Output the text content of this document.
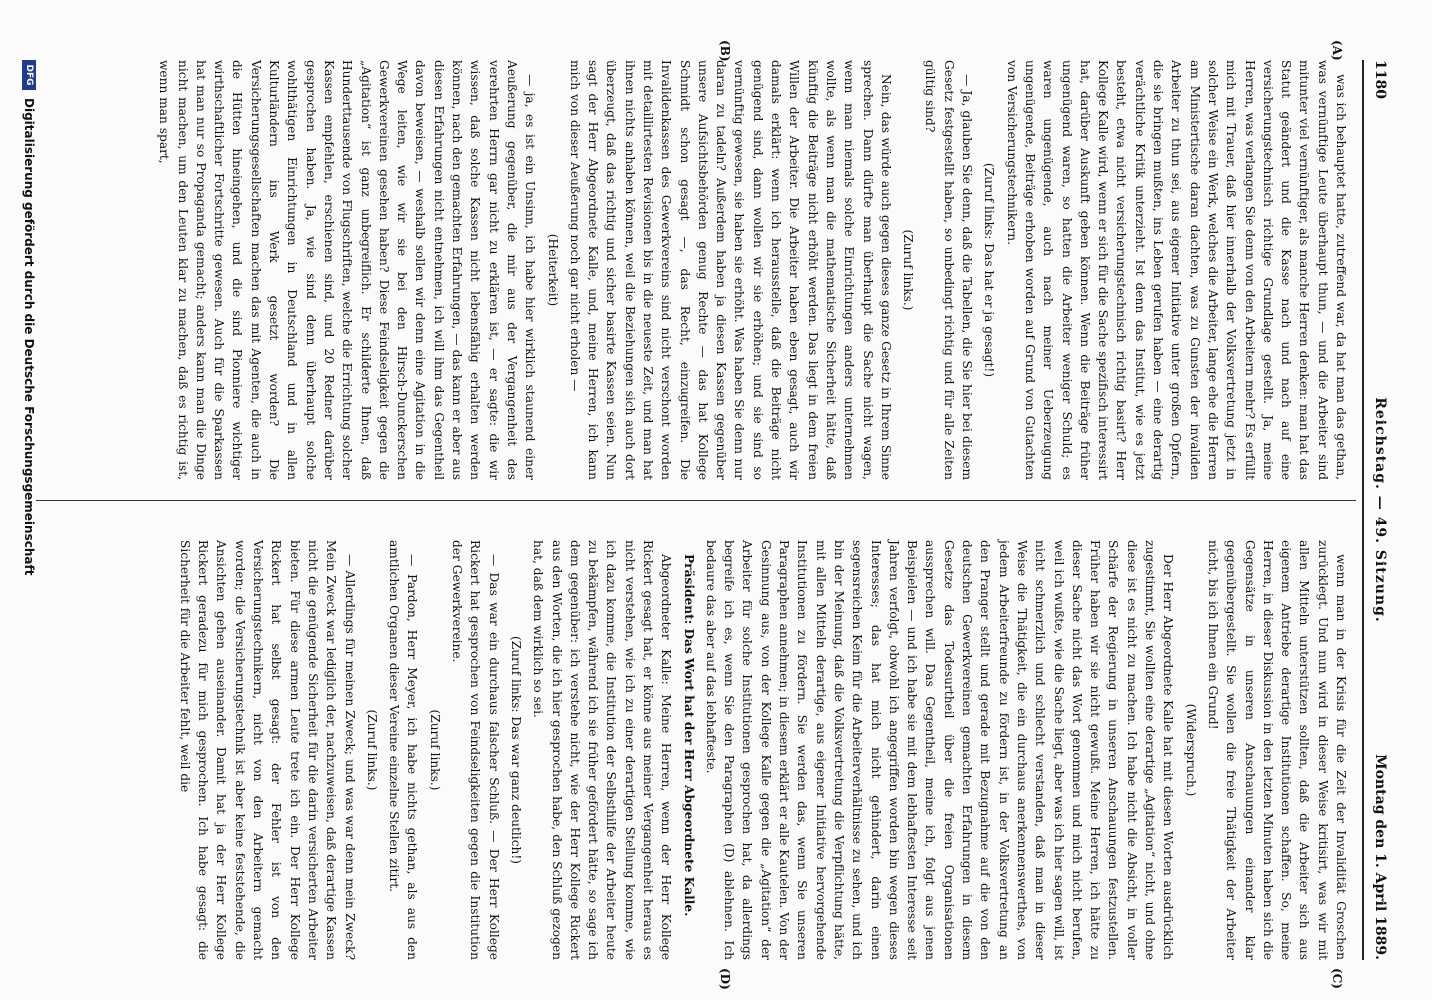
1180
Reichstag. — 49. Sitzung.
Montag den 1. April 1889.
(A)
(B)
(C)
(D)

was ich behauptet hatte, zutreffend war, da hat man das gethan, was vernünftige Leute überhaupt thun, — und die Arbeiter sind mitunter viel vernünftiger, als manche Herren denken: man hat das Statut geändert und die Kasse nach und nach auf eine versicherungstechnisch richtige Grundlage gestellt. Ja, meine Herren, was verlangen Sie denn von den Arbeitern mehr? Es erfüllt mich mit Trauer, daß hier innerhalb der Volksvertretung jetzt in solcher Weise ein Werk, welches die Arbeiter, lange ehe die Herren am Ministertische daran dachten, was zu Gunsten der invaliden Arbeiter zu thun sei, aus eigener Initiative unter großen Opfern, die sie bringen mußten, ins Leben gerufen haben — eine derartig verächtliche Kritik unterzieht. Ist denn das Institut, wie es jetzt besteht, etwa nicht versicherungstechnisch richtig basirt? Herr Kollege Kalle wird, wenn er sich für die Sache spezifisch interessirt hat, darüber Auskunft geben können. Wenn die Beiträge früher ungenügend waren, so hatten die Arbeiter weniger Schuld; es waren ungenügende, auch nach meiner Ueberzeugung ungenügende, Beiträge erhoben worden auf Grund von Gutachten von Versicherungstechnikern.

(Zuruf links: Das hat er ja gesagt!)

— Ja, glauben Sie denn, daß die Tabellen, die Sie hier bei diesem Gesetz festgestellt haben, so unbedingt richtig und für alle Zeiten gültig sind?

(Zuruf links.)

Nein, das würde auch gegen dieses ganze Gesetz in Ihrem Sinne sprechen. Dann dürfte man überhaupt die Sache nicht wagen, wenn man niemals solche Einrichtungen anders unternehmen wollte, als wenn man die mathematische Sicherheit hätte, daß künftig die Beiträge nicht erhöht werden. Das liegt in dem freien Willen der Arbeiter. Die Arbeiter haben eben gesagt, auch wir damals erklärt: wenn ich herausstelle, daß die Beiträge nicht genügend sind, dann wollen wir sie erhöhen; und sie sind so vernünftig gewesen, sie haben sie erhöht. Was haben Sie denn nur daran zu tadeln? Außerdem haben ja diesen Kassen gegenüber unsere Aufsichtsbehörden genug Rechte — das hat Kollege Schmidt schon gesagt —, das Recht, einzugreifen. Die Invalidenkassen des Gewerkvereins sind nicht verschont worden mit detaillirtesten Revisionen bis in die neueste Zeit, und man hat ihnen nichts anhaben können, weil die Beziehungen sich auch dort überzeugt, daß das richtig und sicher basirte Kassen seien. Nun sagt der Herr Abgeordnete Kalle, und, meine Herren, ich kann mich von dieser Aeußerung noch gar nicht erholen —

(Heiterkeit)

— ja, es ist ein Unsinn, ich habe hier wirklich staunend einer Aeußerung gegenüber, die mir aus der Vergangenheit des verehrten Herrn gar nicht zu erklären ist, — er sagte: die wir wissen, daß solche Kassen nicht lebensfähig erhalten werden können, nach den gemachten Erfahrungen, — das kann er aber aus diesen Erfahrungen nicht entnehmen, ich will ihm das Gegentheil davon beweisen, — weshalb sollen wir denn eine Agitation in die Wege leiten, wie wir sie bei den Hirsch-Dunckerschen Gewerkvereinen gesehen haben? Diese Feindseligkeit gegen die „Agitation“ ist ganz unbegreiflich. Er schilderte Ihnen, daß Hunderttausende von Flugschriften, welche die Errichtung solcher Kassen empfehlen, erschienen sind, und 20 Redner darüber gesprochen haben. Ja, wie sind denn überhaupt solche wohlthätigen Einrichtungen in Deutschland und in allen Kulturländern ins Werk gesetzt worden? Die Versicherungsgesellschaften machen das mit Agenten, die auch in die Hütten hineingehen, und die sind Pionniere wichtiger wirthschaftlicher Fortschritte gewesen. Auch für die Sparkassen hat man nur so Propaganda gemacht; anders kann man die Dinge nicht machen, um den Leuten klar zu machen, daß es richtig ist, wenn man spart,

wenn man in der Krisis für die Zeit der Invalidität Groschen zurücklegt. Und nun wird in dieser Weise kritisirt, was wir mit allen Mitteln unterstützen sollten, daß die Arbeiter sich aus eigenem Antriebe derartige Institutionen schaffen. So, meine Herren, in dieser Diskussion in den letzten Minuten haben sich die Gegensätze in unseren Anschauungen einander klar gegenübergestellt. Sie wollen die freie Thätigkeit der Arbeiter nicht, bis ich Ihnen ein Grund!

(Widerspruch.)

Der Herr Abgeordnete Kalle hat mit diesen Worten ausdrücklich zugestimmt, Sie wollten eine derartige „Agitation“ nicht, und ohne diese ist es nicht zu machen. Ich habe nicht die Absicht, in voller Schärfe der Regierung in unseren Anschauungen festzustellen. Früher haben wir sie nicht gewußt. Meine Herren, ich hätte zu dieser Sache nicht das Wort genommen und mich nicht berufen, weil ich wußte, wie die Sache liegt, aber was ich hier sagen will, ist nicht schmerzlich und schlecht verstanden, daß man in dieser Weise die Thätigkeit, die ein durchaus anerkennenswerthes, von jedem Arbeiterfreunde zu fördern ist, in der Volksvertretung an den Pranger stellt und gerade mit Bezugnahme auf die von den deutschen Gewerkvereinen gemachten Erfahrungen in diesem Gesetze das Todesurtheil über die freien Organisationen aussprechen will. Das Gegentheil, meine ich, folgt aus jenen Beispielen — und ich habe sie mit dem lebhaftesten Interesse seit Jahren verfolgt, obwohl ich angegriffen worden bin wegen dieses Interesses; das hat mich nicht gehindert, darin einen segensreichen Keim für die Arbeiterverhältnisse zu sehen, und ich bin der Meinung, daß die Volksvertretung die Verpflichtung hätte, mit allen Mitteln derartige, aus eigener Initiative hervorgehende Institutionen zu fördern. Sie werden das, wenn Sie unseren Paragraphen annehmen; in diesem erklärt er alle Kautelen. Von der Gesinnung aus, von der Kollege Kalle gegen die „Agitation“ der Arbeiter für solche Institutionen gesprochen hat, da allerdings begreife ich es, wenn Sie den Paragraphen (D) ablehnen. Ich bedaure das aber auf das lebhafteste.

Präsident: Das Wort hat der Herr Abgeordnete Kalle.

Abgeordneter Kalle: Meine Herren, wenn der Herr Kollege Rickert gesagt hat, er könne aus meiner Vergangenheit heraus es nicht verstehen, wie ich zu einer derartigen Stellung komme, wie ich dazu komme, die Institution der Selbsthilfe der Arbeiter heute zu bekämpfen, während ich sie früher gefördert hätte, so sage ich dem gegenüber: ich verstehe nicht, wie der Herr Kollege Rickert aus den Worten, die ich hier gesprochen habe, den Schluß gezogen hat, daß dem wirklich so sei.

(Zuruf links: Das war ganz deutlich!)

— Das war ein durchaus falscher Schluß. — Der Herr Kollege Rickert hat gesprochen von Feindseligkeiten gegen die Institution der Gewerkvereine.

(Zuruf links.)

— Pardon, Herr Meyer, ich habe nichts gethan, als aus den amtlichen Organen dieser Vereine einzelne Stellen zitirt.

(Zuruf links.)

— Allerdings für meinen Zweck; und was war denn mein Zweck? Mein Zweck war lediglich der, nachzuweisen, daß derartige Kassen nicht die genügende Sicherheit für die darin versicherten Arbeiter bieten. Für diese armen Leute trete ich ein. Der Herr Kollege Rickert hat selbst gesagt: der Fehler ist von den Versicherungstechnikern, nicht von den Arbeitern gemacht worden; die Versicherungstechnik ist aber keine feststehende, die Ansichten gehen auseinander. Damit hat ja der Herr Kollege Rickert geradezu für mich gesprochen. Ich habe gesagt: die Sicherheit für die Arbeiter fehlt, weil die

DFG
Digitalisierung gefördert durch die Deutsche Forschungsgemeinschaft
